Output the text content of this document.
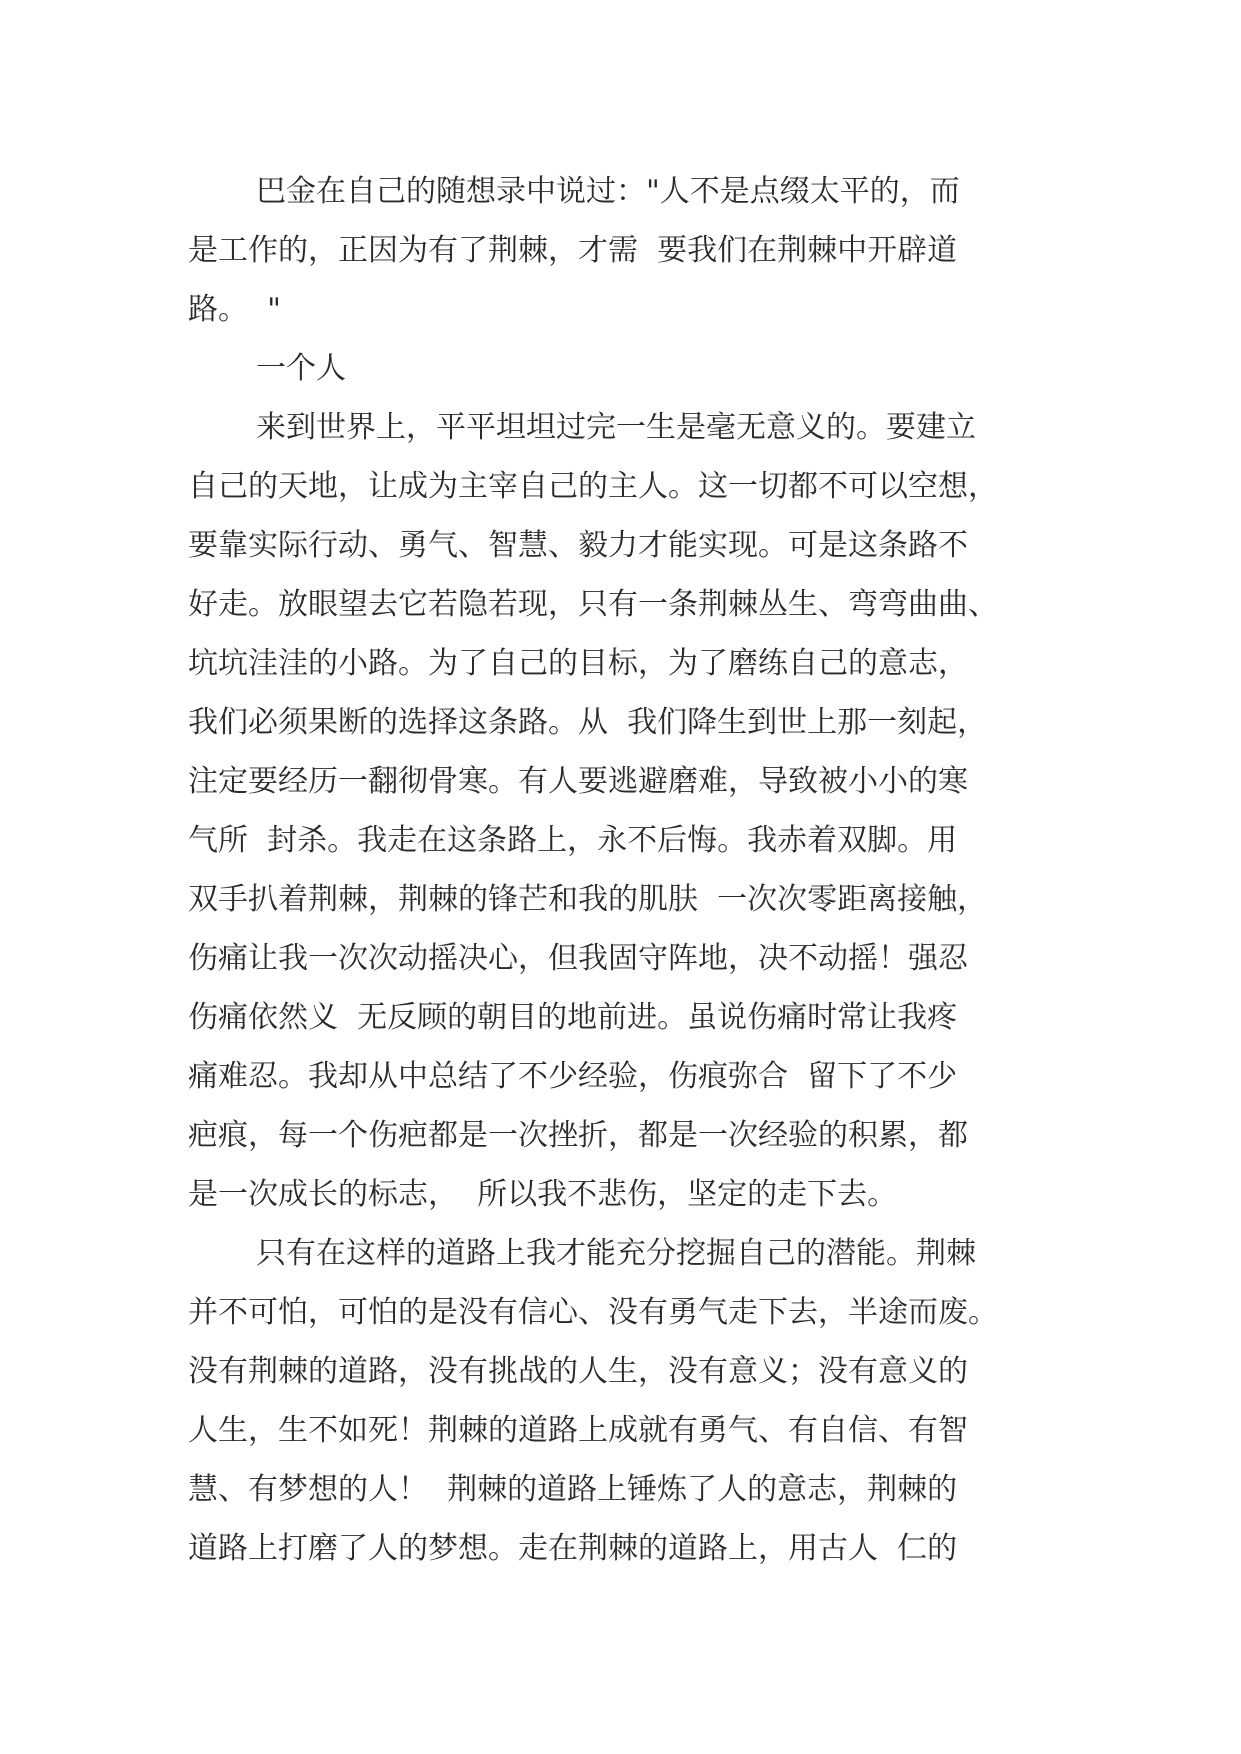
巴金在自己的随想录中说过："人不是点缀太平的，而

是工作的，正因为有了荆棘，才需  要我们在荆棘中开辟道

路。  "

一个人

来到世界上，平平坦坦过完一生是毫无意义的。要建立

自己的天地，让成为主宰自己的主人。这一切都不可以空想，

要靠实际行动、勇气、智慧、毅力才能实现。可是这条路不

好走。放眼望去它若隐若现，只有一条荆棘丛生、弯弯曲曲、

坑坑洼洼的小路。为了自己的目标，为了磨练自己的意志，

我们必须果断的选择这条路。从  我们降生到世上那一刻起，

注定要经历一翻彻骨寒。有人要逃避磨难，导致被小小的寒

气所  封杀。我走在这条路上，永不后悔。我赤着双脚。用

双手扒着荆棘，荆棘的锋芒和我的肌肤  一次次零距离接触，

伤痛让我一次次动摇决心，但我固守阵地，决不动摇！强忍

伤痛依然义  无反顾的朝目的地前进。虽说伤痛时常让我疼

痛难忍。我却从中总结了不少经验，伤痕弥合  留下了不少

疤痕，每一个伤疤都是一次挫折，都是一次经验的积累，都

是一次成长的标志，  所以我不悲伤，坚定的走下去。

只有在这样的道路上我才能充分挖掘自己的潜能。荆棘

并不可怕，可怕的是没有信心、没有勇气走下去，半途而废。

没有荆棘的道路，没有挑战的人生，没有意义；没有意义的

人生，生不如死！荆棘的道路上成就有勇气、有自信、有智

慧、有梦想的人！  荆棘的道路上锤炼了人的意志，荆棘的

道路上打磨了人的梦想。走在荆棘的道路上，用古人  仁的
